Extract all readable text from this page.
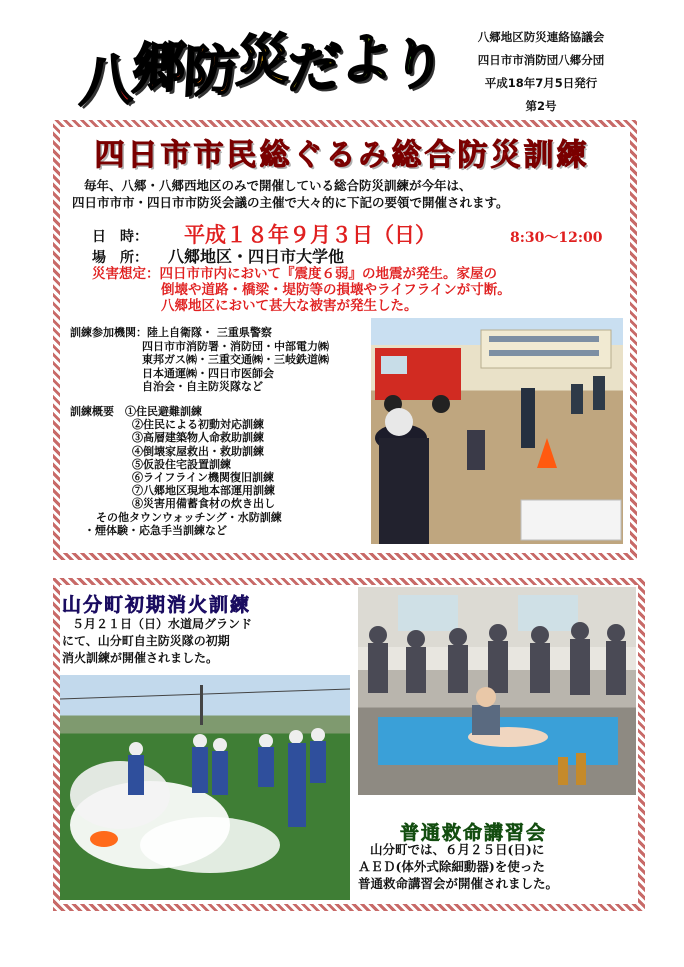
八郷防災だより	八郷地区防災連絡協議会
四日市市消防団八郷分団
平成18年7月5日発行
第2号
四日市市民総ぐるみ総合防災訓練

毎年、八郷・八郷西地区のみで開催している総合防災訓練が今年は、

四日市市市・四日市市防災会議の主催で大々的に下記の要領で開催されます。

日　時： 平成１８年９月３日（日）	8:30〜12:00
場　所： 八郷地区・四日市大学他
災害想定：四日市市内において『震度６弱』の地震が発生。家屋の
倒壊や道路・橋梁・堤防等の損壊やライフラインが寸断。
八郷地区において甚大な被害が発生した。
訓練参加機関：陸上自衛隊・ 三重県警察
四日市市消防署・消防団・中部電力㈱
東邦ガス㈱・三重交通㈱・三岐鉄道㈱
日本通運㈱・四日市医師会
自治会・自主防災隊など
訓練概要　 ①住民避難訓練
②住民による初動対応訓練
③高層建築物人命救助訓練
④倒壊家屋救出・救助訓練
⑤仮設住宅設置訓練
⑥ライフライン機関復旧訓練
⑦八郷地区現地本部運用訓練
⑧災害用備蓄食材の炊き出し
その他タウンウォッチング・水防訓練
・煙体験・応急手当訓練など
山分町初期消火訓練
５月２１日（日）水道局グランド
にて、山分町自主防災隊の初期
消火訓練が開催されました。
普通救命講習会
山分町では、６月２５日(日)に
ＡＥＤ(体外式除細動器)を使った
普通救命講習会が開催されました。
